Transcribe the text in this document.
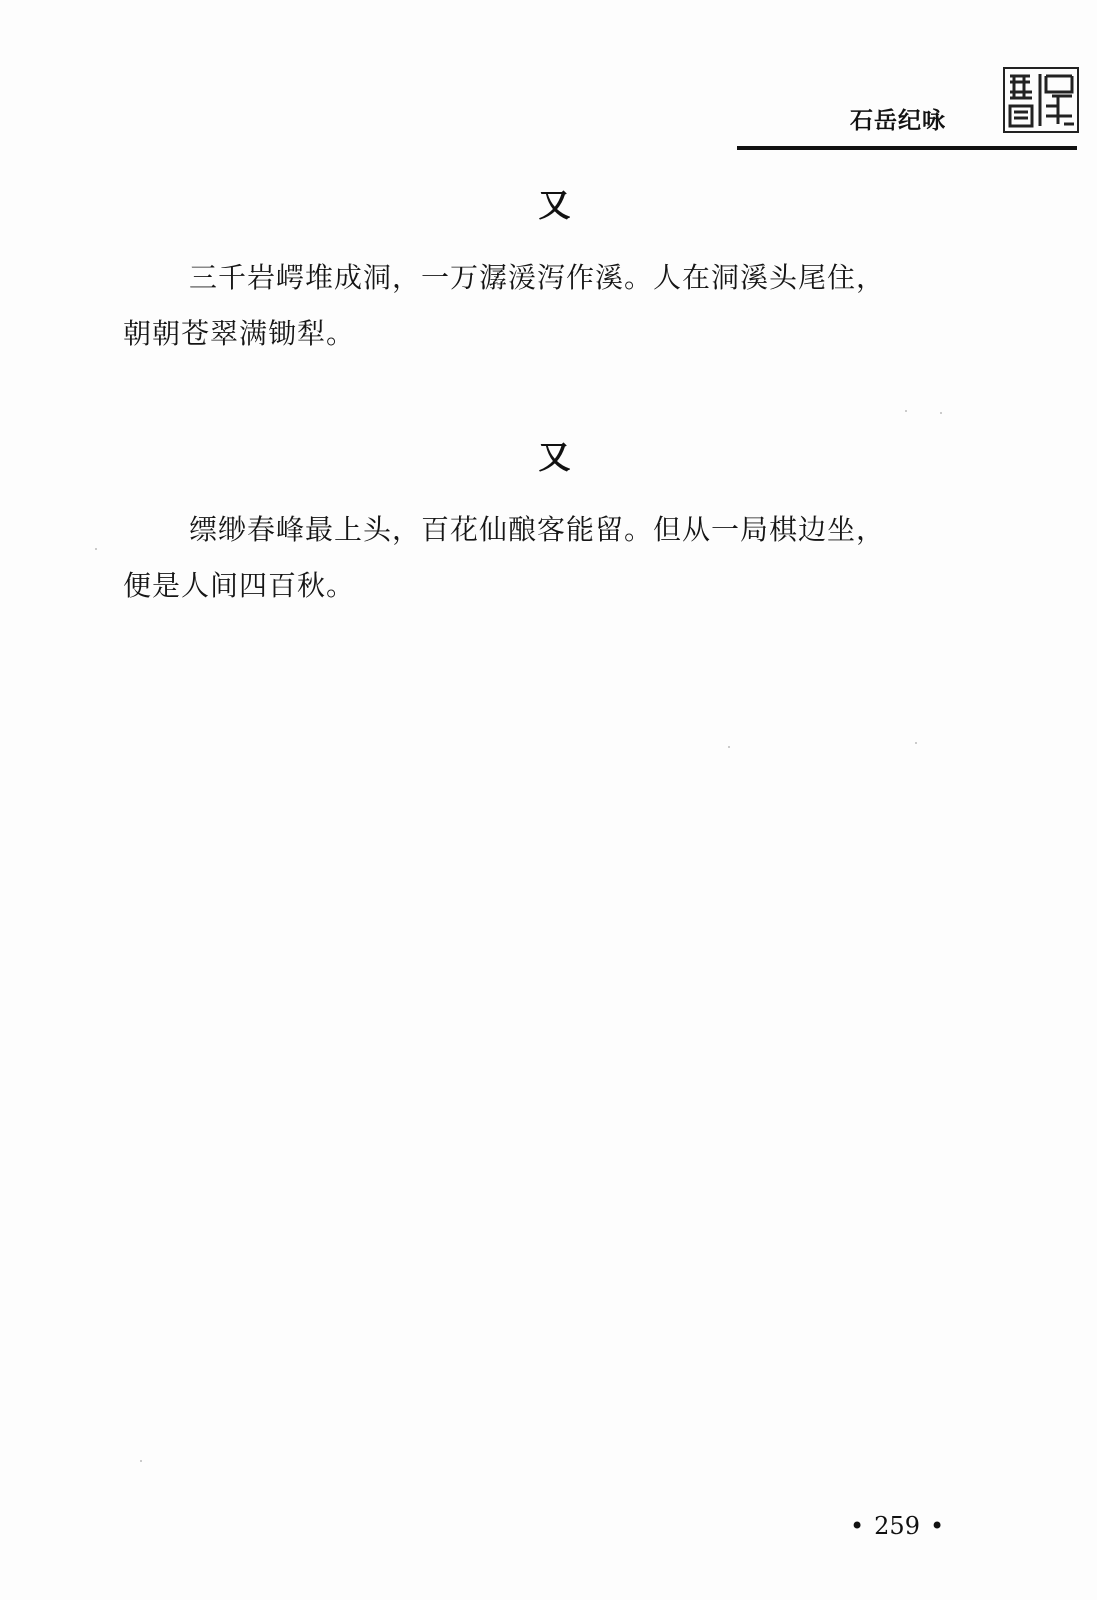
石岳纪咏
又
三千岩崿堆成洞，一万潺湲泻作溪。人在洞溪头尾住，
朝朝苍翠满锄犁。
又
缥缈春峰最上头，百花仙酿客能留。但从一局棋边坐，
便是人间四百秋。
• 259 •
